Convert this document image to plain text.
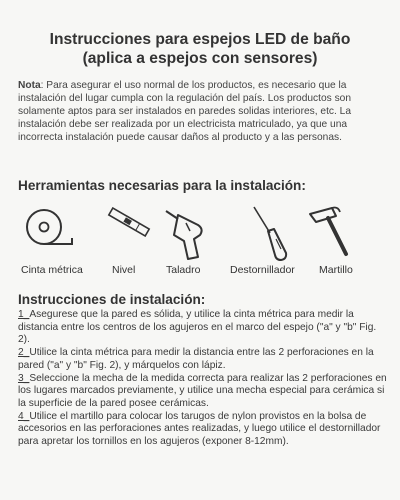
Instrucciones para espejos LED de baño
(aplica a espejos con sensores)
Nota: Para asegurar el uso normal de los productos, es necesario que la instalación del lugar cumpla con la regulación del país. Los productos son solamente aptos para ser instalados en paredes solidas interiores, etc. La instalación debe ser realizada por un electricista matriculado, ya que una incorrecta instalación puede causar daños al producto y a las personas.
Herramientas necesarias para la instalación:
Cinta métrica	Nivel	Taladro	Destornillador Martillo
Instrucciones de instalación:

1_Asegurese que la pared es sólida, y utilice la cinta métrica para medir la distancia entre los centros de los agujeros en el marco del espejo ("a" y "b" Fig. 2).

2_Utilice la cinta métrica para medir la distancia entre las 2 perforaciones en la pared ("a" y "b" Fig. 2), y márquelos con lápiz.

3_Seleccione la mecha de la medida correcta para realizar las 2 perforaciones en los lugares marcados previamente, y utilice una mecha especial para cerámica si la superficie de la pared posee cerámicas.

4_Utilice el martillo para colocar los tarugos de nylon provistos en la bolsa de accesorios en las perforaciones antes realizadas, y luego utilice el destornillador para apretar los tornillos en los agujeros (exponer 8-12mm).
